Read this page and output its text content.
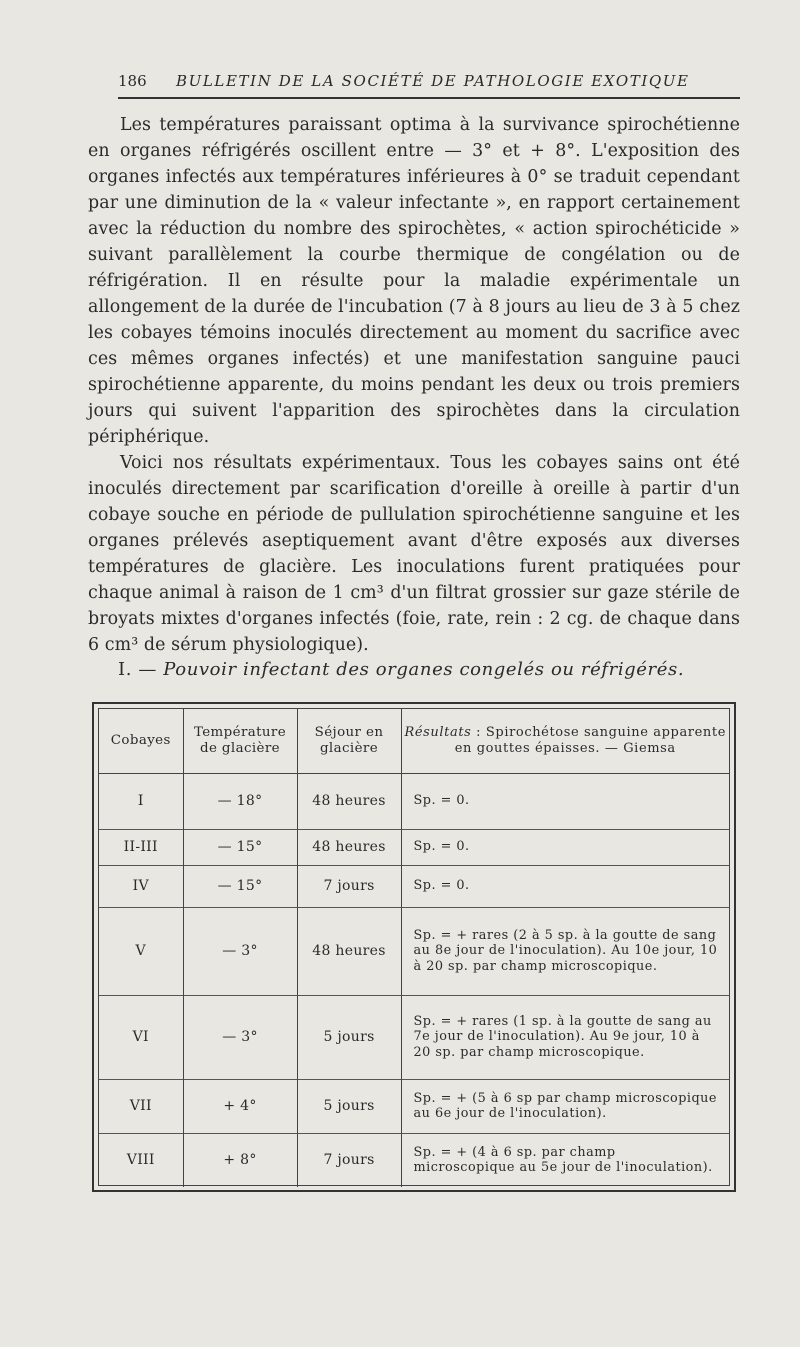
186 BULLETIN DE LA SOCIÉTÉ DE PATHOLOGIE EXOTIQUE

Les températures paraissant optima à la survivance spirochétienne en organes réfrigérés oscillent entre — 3° et + 8°. L'exposition des organes infectés aux températures inférieures à 0° se traduit cependant par une diminution de la « valeur infectante », en rapport certainement avec la réduction du nombre des spirochètes, « action spirochéticide » suivant parallèlement la courbe thermique de congélation ou de réfrigération. Il en résulte pour la maladie expérimentale un allongement de la durée de l'incubation (7 à 8 jours au lieu de 3 à 5 chez les cobayes témoins inoculés directement au moment du sacrifice avec ces mêmes organes infectés) et une manifestation sanguine pauci spirochétienne apparente, du moins pendant les deux ou trois premiers jours qui suivent l'apparition des spirochètes dans la circulation périphérique.

Voici nos résultats expérimentaux. Tous les cobayes sains ont été inoculés directement par scarification d'oreille à oreille à partir d'un cobaye souche en période de pullulation spirochétienne sanguine et les organes prélevés aseptiquement avant d'être exposés aux diverses températures de glacière. Les inoculations furent pratiquées pour chaque animal à raison de 1 cm³ d'un filtrat grossier sur gaze stérile de broyats mixtes d'organes infectés (foie, rate, rein : 2 cg. de chaque dans 6 cm³ de sérum physiologique).

I. — Pouvoir infectant des organes congelés ou réfrigérés.
Cobayes	Température de glacière	Séjour en glacière	Résultats : Spirochétose sanguine apparente en gouttes épaisses. — Giemsa
I	— 18°	48 heures	Sp. = 0.
II-III	— 15°	48 heures	Sp. = 0.
IV	— 15°	7 jours	Sp. = 0.
V	— 3°	48 heures	Sp. = + rares (2 à 5 sp. à la goutte de sang au 8e jour de l'inoculation). Au 10e jour, 10 à 20 sp. par champ microscopique.
VI	— 3°	5 jours	Sp. = + rares (1 sp. à la goutte de sang au 7e jour de l'inoculation). Au 9e jour, 10 à 20 sp. par champ microscopique.
VII	+ 4°	5 jours	Sp. = + (5 à 6 sp par champ microscopique au 6e jour de l'inoculation).
VIII	+ 8°	7 jours	Sp. = + (4 à 6 sp. par champ microscopique au 5e jour de l'inoculation).
